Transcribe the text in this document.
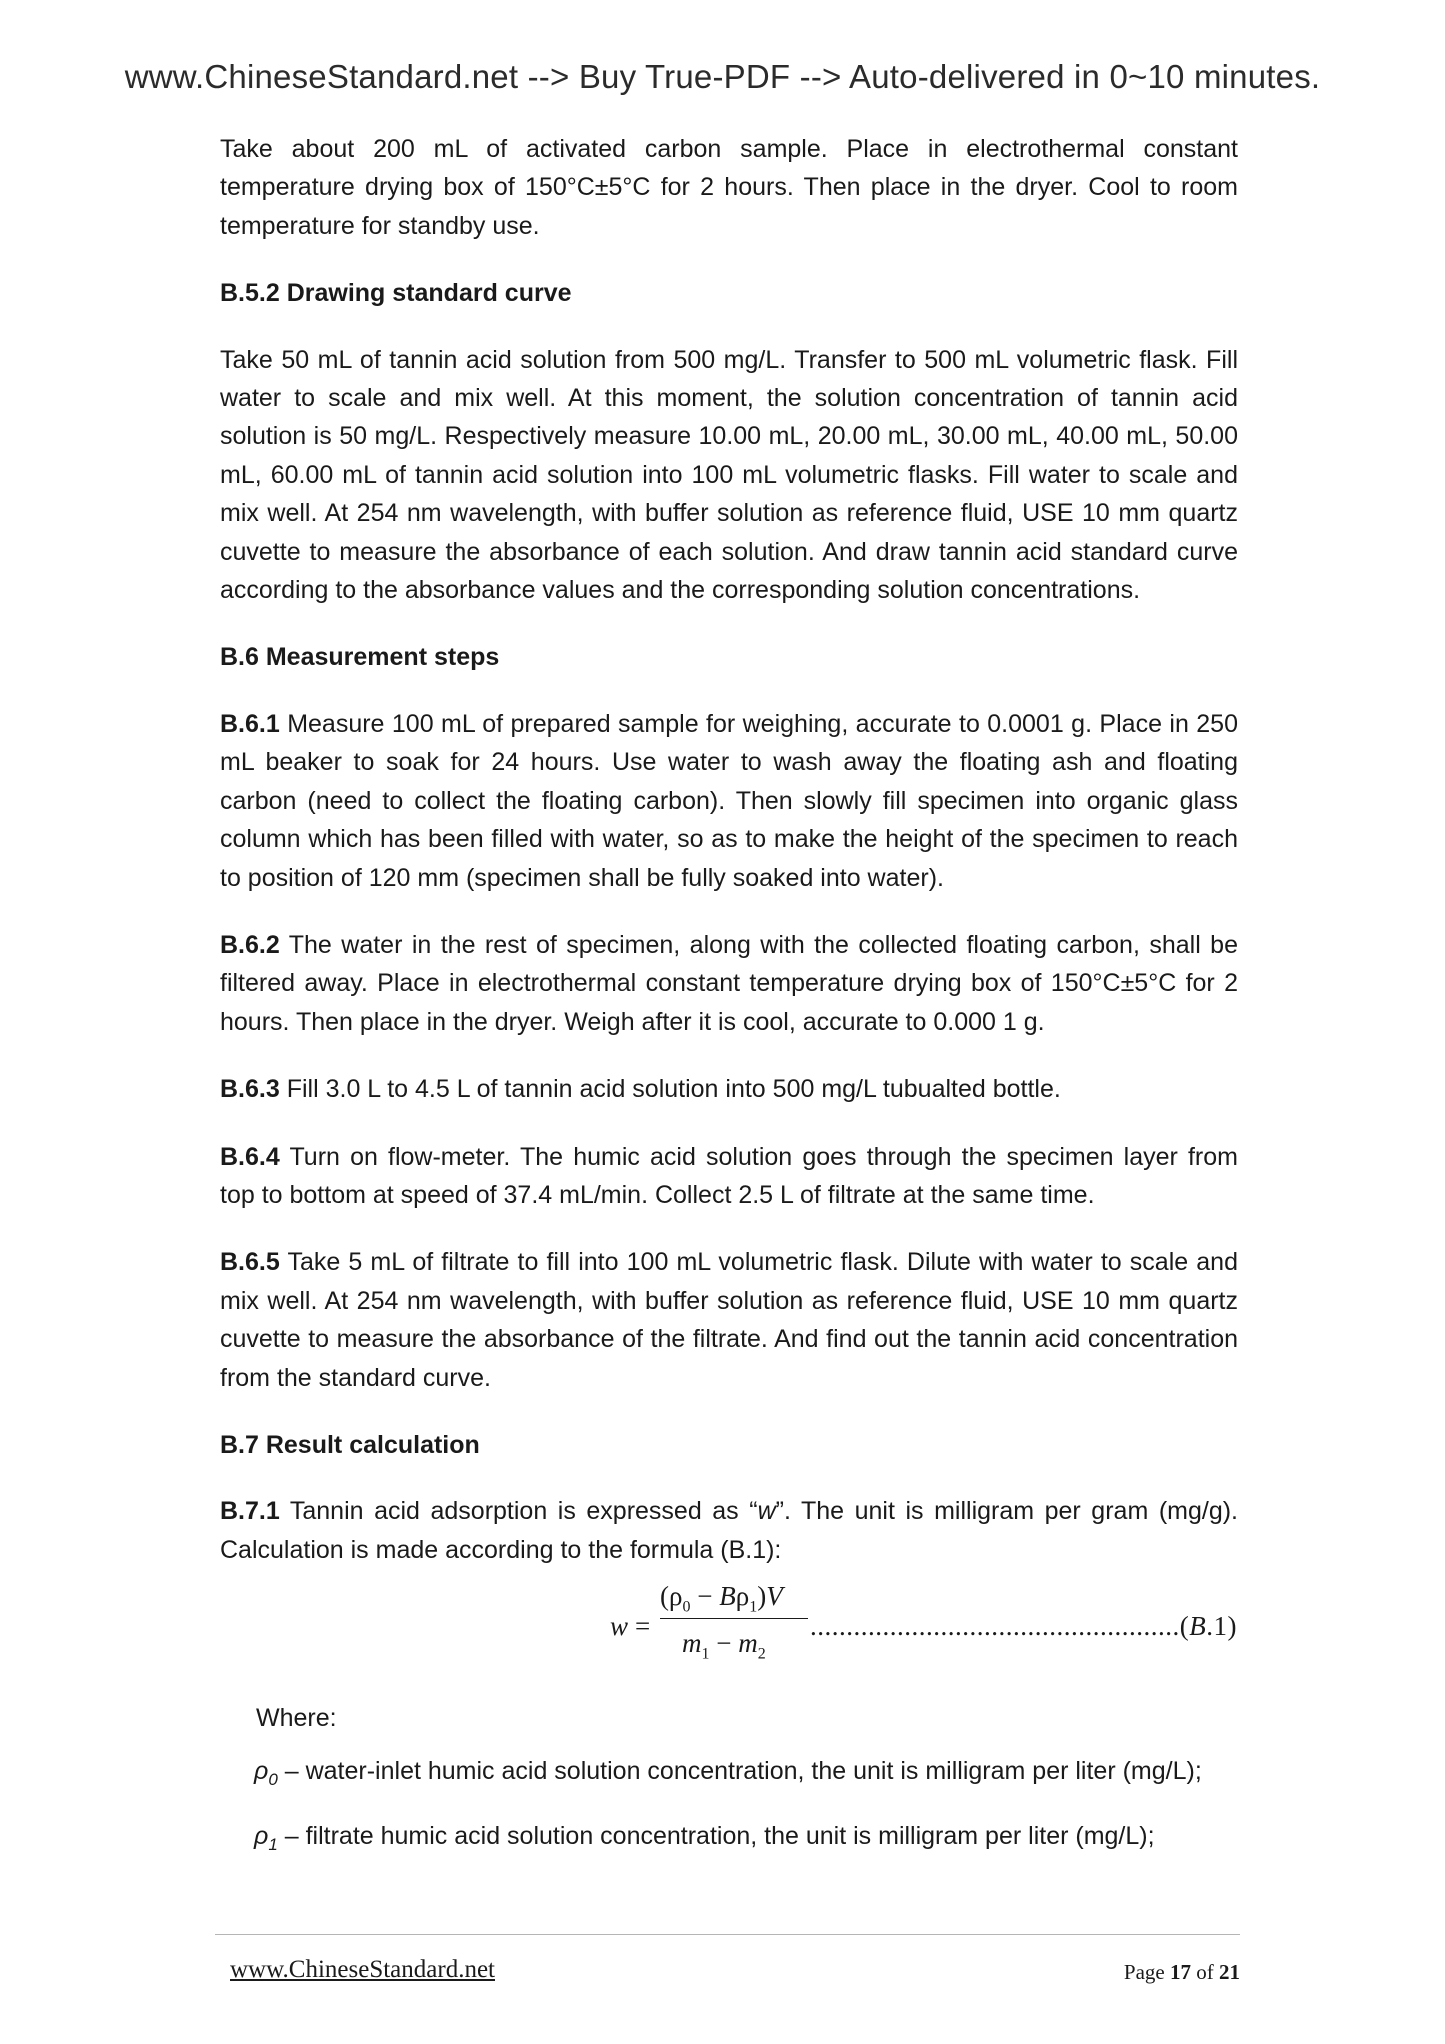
www.ChineseStandard.net --> Buy True-PDF --> Auto-delivered in 0~10 minutes.

Take about 200 mL of activated carbon sample. Place in electrothermal constant temperature drying box of 150°C±5°C for 2 hours. Then place in the dryer. Cool to room temperature for standby use.

B.5.2 Drawing standard curve

Take 50 mL of tannin acid solution from 500 mg/L. Transfer to 500 mL volumetric flask. Fill water to scale and mix well. At this moment, the solution concentration of tannin acid solution is 50 mg/L. Respectively measure 10.00 mL, 20.00 mL, 30.00 mL, 40.00 mL, 50.00 mL, 60.00 mL of tannin acid solution into 100 mL volumetric flasks. Fill water to scale and mix well. At 254 nm wavelength, with buffer solution as reference fluid, USE 10 mm quartz cuvette to measure the absorbance of each solution. And draw tannin acid standard curve according to the absorbance values and the corresponding solution concentrations.

B.6 Measurement steps

B.6.1 Measure 100 mL of prepared sample for weighing, accurate to 0.0001 g. Place in 250 mL beaker to soak for 24 hours. Use water to wash away the floating ash and floating carbon (need to collect the floating carbon). Then slowly fill specimen into organic glass column which has been filled with water, so as to make the height of the specimen to reach to position of 120 mm (specimen shall be fully soaked into water).

B.6.2 The water in the rest of specimen, along with the collected floating carbon, shall be filtered away. Place in electrothermal constant temperature drying box of 150°C±5°C for 2 hours. Then place in the dryer. Weigh after it is cool, accurate to 0.000 1 g.

B.6.3 Fill 3.0 L to 4.5 L of tannin acid solution into 500 mg/L tubualted bottle.

B.6.4 Turn on flow-meter. The humic acid solution goes through the specimen layer from top to bottom at speed of 37.4 mL/min. Collect 2.5 L of filtrate at the same time.

B.6.5 Take 5 mL of filtrate to fill into 100 mL volumetric flask. Dilute with water to scale and mix well. At 254 nm wavelength, with buffer solution as reference fluid, USE 10 mm quartz cuvette to measure the absorbance of the filtrate. And find out the tannin acid concentration from the standard curve.

B.7 Result calculation

B.7.1 Tannin acid adsorption is expressed as “w”. The unit is milligram per gram (mg/g). Calculation is made according to the formula (B.1):

w =
$(\rho_0 - B\rho_1)V$
$m_1 - m_2$
...................................................(B.1)

Where:

$\rho_0$ – water-inlet humic acid solution concentration, the unit is milligram per liter (mg/L);

$\rho_1$ – filtrate humic acid solution concentration, the unit is milligram per liter (mg/L);

www.ChineseStandard.net	Page 17 of 21
